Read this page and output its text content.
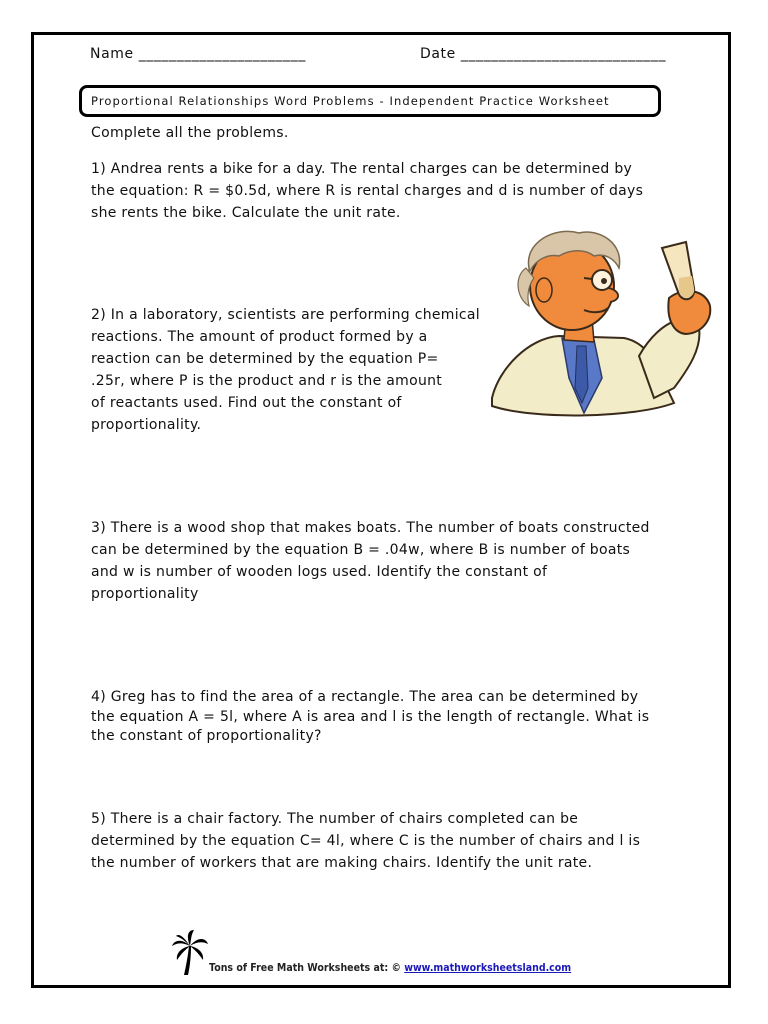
Name ______________________	Date ___________________________
Proportional Relationships Word Problems - Independent Practice Worksheet
Complete all the problems.
1) Andrea rents a bike for a day. The rental charges can be determined by
the equation: R = $0.5d, where R is rental charges and d is number of days
she rents the bike. Calculate the unit rate.
2) In a laboratory, scientists are performing chemical
reactions. The amount of product formed by a
reaction can be determined by the equation P=
.25r, where P is the product and r is the amount
of reactants used. Find out the constant of
proportionality.
3) There is a wood shop that makes boats. The number of boats constructed
can be determined by the equation B = .04w, where B is number of boats
and w is number of wooden logs used. Identify the constant of
proportionality
4) Greg has to find the area of a rectangle. The area can be determined by
the equation A = 5l, where A is area and l is the length of rectangle. What is
the constant of proportionality?
5) There is a chair factory. The number of chairs completed can be
determined by the equation C= 4l, where C is the number of chairs and l is
the number of workers that are making chairs. Identify the unit rate.
Tons of Free Math Worksheets at: © www.mathworksheetsland.com
